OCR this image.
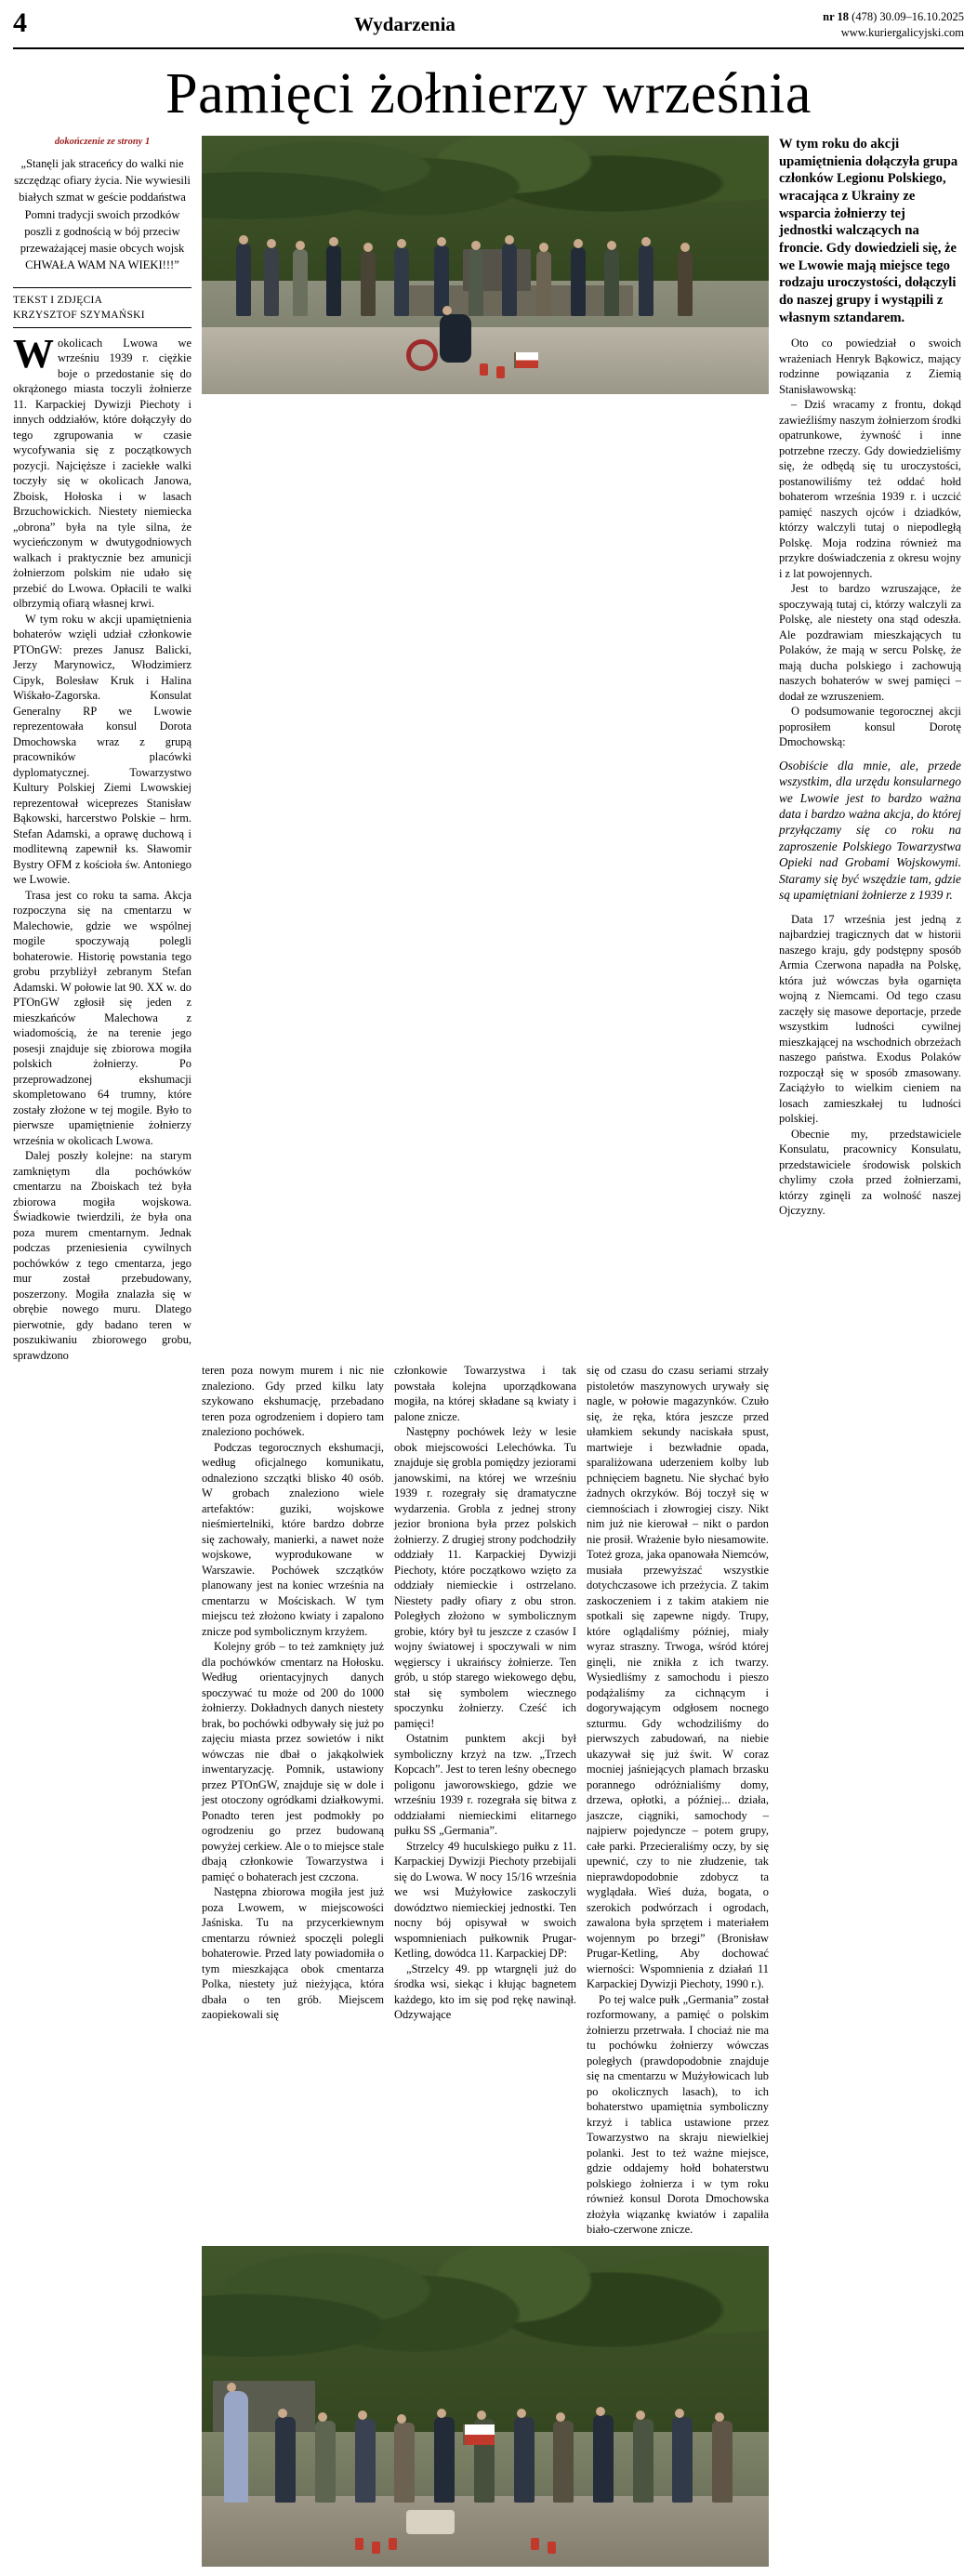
4	Wydarzenia	nr 18 (478) 30.09–16.10.2025
www.kuriergalicyjski.com
Pamięci żołnierzy września
dokończenie ze strony 1
„Stanęli jak straceńcy do walki nie szczędząc ofiary życia. Nie wywiesili białych szmat w geście poddaństwa Pomni tradycji swoich przodków poszli z godnością w bój przeciw przeważającej masie obcych wojsk CHWAŁA WAM NA WIEKI!!!”
TEKST I ZDJĘCIA
KRZYSZTOF SZYMAŃSKI

Wokolicach Lwowa we wrześniu 1939 r. ciężkie boje o przedostanie się do okrążonego miasta toczyli żołnierze 11. Karpackiej Dywizji Piechoty i innych oddziałów, które dołączyły do tego zgrupowania w czasie wycofywania się z początkowych pozycji. Najcięższe i zaciekłe walki toczyły się w okolicach Janowa, Zboisk, Hołoska i w lasach Brzuchowickich. Niestety niemiecka „obrona” była na tyle silna, że wycieńczonym w dwutygodniowych walkach i praktycznie bez amunicji żołnierzom polskim nie udało się przebić do Lwowa. Opłacili te walki olbrzymią ofiarą własnej krwi.

W tym roku w akcji upamiętnienia bohaterów wzięli udział członkowie PTOnGW: prezes Janusz Balicki, Jerzy Marynowicz, Włodzimierz Cipyk, Bolesław Kruk i Halina Wiśkało-Zagorska. Konsulat Generalny RP we Lwowie reprezentowała konsul Dorota Dmochowska wraz z grupą pracowników placówki dyplomatycznej. Towarzystwo Kultury Polskiej Ziemi Lwowskiej reprezentował wiceprezes Stanisław Bąkowski, harcerstwo Polskie – hrm. Stefan Adamski, a oprawę duchową i modlitewną zapewnił ks. Sławomir Bystry OFM z kościoła św. Antoniego we Lwowie.

Trasa jest co roku ta sama. Akcja rozpoczyna się na cmentarzu w Malechowie, gdzie we wspólnej mogile spoczywają polegli bohaterowie. Historię powstania tego grobu przybliżył zebranym Stefan Adamski. W połowie lat 90. XX w. do PTOnGW zgłosił się jeden z mieszkańców Malechowa z wiadomością, że na terenie jego posesji znajduje się zbiorowa mogiła polskich żołnierzy. Po przeprowadzonej ekshumacji skompletowano 64 trumny, które zostały złożone w tej mogile. Było to pierwsze upamiętnienie żołnierzy września w okolicach Lwowa.

Dalej poszły kolejne: na starym zamkniętym dla pochówków cmentarzu na Zboiskach też była zbiorowa mogiła wojskowa. Świadkowie twierdzili, że była ona poza murem cmentarnym. Jednak podczas przeniesienia cywilnych pochówków z tego cmentarza, jego mur został przebudowany, poszerzony. Mogiła znalazła się w obrębie nowego muru. Dlatego pierwotnie, gdy badano teren w poszukiwaniu zbiorowego grobu, sprawdzono

W tym roku do akcji upamiętnienia dołączyła grupa członków Legionu Polskiego, wracająca z Ukrainy ze wsparcia żołnierzy tej jednostki walczących na froncie. Gdy dowiedzieli się, że we Lwowie mają miejsce tego rodzaju uroczystości, dołączyli do naszej grupy i wystąpili z własnym sztandarem.

Oto co powiedział o swoich wrażeniach Henryk Bąkowicz, mający rodzinne powiązania z Ziemią Stanisławowską:

– Dziś wracamy z frontu, dokąd zawieźliśmy naszym żołnierzom środki opatrunkowe, żywność i inne potrzebne rzeczy. Gdy dowiedzieliśmy się, że odbędą się tu uroczystości, postanowiliśmy też oddać hołd bohaterom września 1939 r. i uczcić pamięć naszych ojców i dziadków, którzy walczyli tutaj o niepodległą Polskę. Moja rodzina również ma przykre doświadczenia z okresu wojny i z lat powojennych.

Jest to bardzo wzruszające, że spoczywają tutaj ci, którzy walczyli za Polskę, ale niestety ona stąd odeszła. Ale pozdrawiam mieszkających tu Polaków, że mają w sercu Polskę, że mają ducha polskiego i zachowują naszych bohaterów w swej pamięci – dodał ze wzruszeniem.

O podsumowanie tegorocznej akcji poprosiłem konsul Dorotę Dmochowską:

Osobiście dla mnie, ale, przede wszystkim, dla urzędu konsularnego we Lwowie jest to bardzo ważna data i bardzo ważna akcja, do której przyłączamy się co roku na zaproszenie Polskiego Towarzystwa Opieki nad Grobami Wojskowymi. Staramy się być wszędzie tam, gdzie są upamiętniani żołnierze z 1939 r.

Data 17 września jest jedną z najbardziej tragicznych dat w historii naszego kraju, gdy podstępny sposób Armia Czerwona napadła na Polskę, która już wówczas była ogarnięta wojną z Niemcami. Od tego czasu zaczęły się masowe deportacje, przede wszystkim ludności cywilnej mieszkającej na wschodnich obrzeżach naszego państwa. Exodus Polaków rozpoczął się w sposób zmasowany. Zaciążyło to wielkim cieniem na losach zamieszkałej tu ludności polskiej.

Obecnie my, przedstawiciele Konsulatu, pracownicy Konsulatu, przedstawiciele środowisk polskich chylimy czoła przed żołnierzami, którzy zginęli za wolność naszej Ojczyzny.

teren poza nowym murem i nic nie znaleziono. Gdy przed kilku laty szykowano ekshumację, przebadano teren poza ogrodzeniem i dopiero tam znaleziono pochówek.

Podczas tegorocznych ekshumacji, według oficjalnego komunikatu, odnaleziono szczątki blisko 40 osób. W grobach znaleziono wiele artefaktów: guziki, wojskowe nieśmiertelniki, które bardzo dobrze się zachowały, manierki, a nawet noże wojskowe, wyprodukowane w Warszawie. Pochówek szczątków planowany jest na koniec września na cmentarzu w Mościskach. W tym miejscu też złożono kwiaty i zapalono znicze pod symbolicznym krzyżem.

Kolejny grób – to też zamknięty już dla pochówków cmentarz na Hołosku. Według orientacyjnych danych spoczywać tu może od 200 do 1000 żołnierzy. Dokładnych danych niestety brak, bo pochówki odbywały się już po zajęciu miasta przez sowietów i nikt wówczas nie dbał o jakąkolwiek inwentaryzację. Pomnik, ustawiony przez PTOnGW, znajduje się w dole i jest otoczony ogródkami działkowymi. Ponadto teren jest podmokły po ogrodzeniu go przez budowaną powyżej cerkiew. Ale o to miejsce stale dbają członkowie Towarzystwa i pamięć o bohaterach jest czczona.

Następna zbiorowa mogiła jest już poza Lwowem, w miejscowości Jaśniska. Tu na przycerkiewnym cmentarzu również spoczęli polegli bohaterowie. Przed laty powiadomiła o tym mieszkająca obok cmentarza Polka, niestety już nieżyjąca, która dbała o ten grób. Miejscem zaopiekowali się

członkowie Towarzystwa i tak powstała kolejna uporządkowana mogiła, na której składane są kwiaty i palone znicze.

Następny pochówek leży w lesie obok miejscowości Lelechówka. Tu znajduje się grobla pomiędzy jeziorami janowskimi, na której we wrześniu 1939 r. rozegrały się dramatyczne wydarzenia. Grobla z jednej strony jezior broniona była przez polskich żołnierzy. Z drugiej strony podchodziły oddziały 11. Karpackiej Dywizji Piechoty, które początkowo wzięto za oddziały niemieckie i ostrzelano. Niestety padły ofiary z obu stron. Poległych złożono w symbolicznym grobie, który był tu jeszcze z czasów I wojny światowej i spoczywali w nim węgierscy i ukraińscy żołnierze. Ten grób, u stóp starego wiekowego dębu, stał się symbolem wiecznego spoczynku żołnierzy. Cześć ich pamięci!

Ostatnim punktem akcji był symboliczny krzyż na tzw. „Trzech Kopcach”. Jest to teren leśny obecnego poligonu jaworowskiego, gdzie we wrześniu 1939 r. rozegrała się bitwa z oddziałami niemieckimi elitarnego pułku SS „Germania”.

Strzelcy 49 huculskiego pułku z 11. Karpackiej Dywizji Piechoty przebijali się do Lwowa. W nocy 15/16 września we wsi Mużyłowice zaskoczyli dowództwo niemieckiej jednostki. Ten nocny bój opisywał w swoich wspomnieniach pułkownik Prugar-Ketling, dowódca 11. Karpackiej DP:

„Strzelcy 49. pp wtargnęli już do środka wsi, siekąc i kłując bagnetem każdego, kto im się pod rękę nawinął. Odzywające

się od czasu do czasu seriami strzały pistoletów maszynowych urywały się nagle, w połowie magazynków. Czuło się, że ręka, która jeszcze przed ułamkiem sekundy naciskała spust, martwieje i bezwładnie opada, sparaliżowana uderzeniem kolby lub pchnięciem bagnetu. Nie słychać było żadnych okrzyków. Bój toczył się w ciemnościach i złowrogiej ciszy. Nikt nim już nie kierował – nikt o pardon nie prosił. Wrażenie było niesamowite. Toteż groza, jaka opanowała Niemców, musiała przewyższać wszystkie dotychczasowe ich przeżycia. Z takim zaskoczeniem i z takim atakiem nie spotkali się zapewne nigdy. Trupy, które oglądaliśmy później, miały wyraz straszny. Trwoga, wśród której ginęli, nie znikła z ich twarzy. Wysiedliśmy z samochodu i pieszo podążaliśmy za cichnącym i dogorywającym odgłosem nocnego szturmu. Gdy wchodziliśmy do pierwszych zabudowań, na niebie ukazywał się już świt. W coraz mocniej jaśniejących plamach brzasku porannego odróżnialiśmy domy, drzewa, opłotki, a później... działa, jaszcze, ciągniki, samochody – najpierw pojedyncze – potem grupy, całe parki. Przecieraliśmy oczy, by się upewnić, czy to nie złudzenie, tak nieprawdopodobnie zdobycz ta wyglądała. Wieś duża, bogata, o szerokich podwórzach i ogrodach, zawalona była sprzętem i materiałem wojennym po brzegi” (Bronisław Prugar-Ketling, Aby dochować wierności: Wspomnienia z działań 11 Karpackiej Dywizji Piechoty, 1990 r.).

Po tej walce pułk „Germania” został rozformowany, a pamięć o polskim żołnierzu przetrwała. I chociaż nie ma tu pochówku żołnierzy wówczas poległych (prawdopodobnie znajduje się na cmentarzu w Mużyłowicach lub po okolicznych lasach), to ich bohaterstwo upamiętnia symboliczny krzyż i tablica ustawione przez Towarzystwo na skraju niewielkiej polanki. Jest to też ważne miejsce, gdzie oddajemy hołd bohaterstwu polskiego żołnierza i w tym roku również konsul Dorota Dmochowska złożyła wiązankę kwiatów i zapaliła biało-czerwone znicze.
